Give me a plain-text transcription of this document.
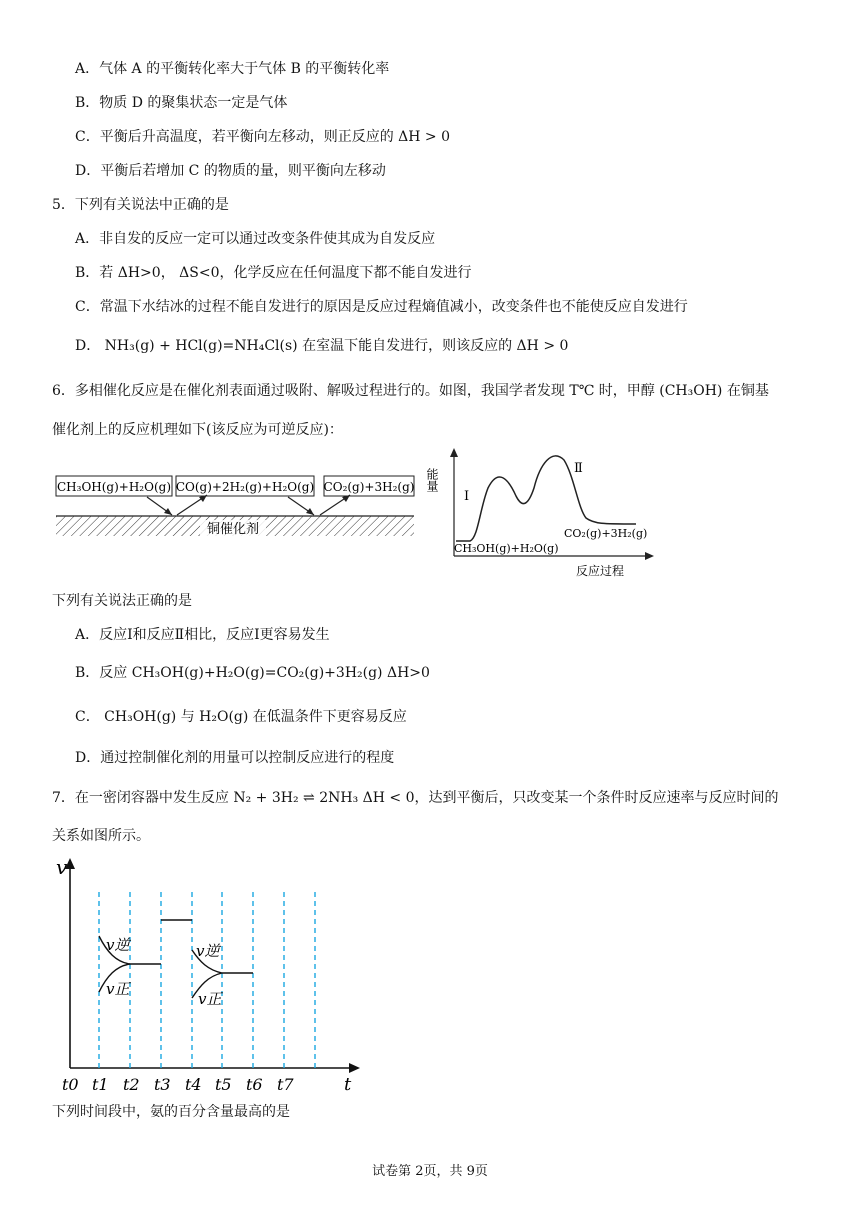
A．气体 A 的平衡转化率大于气体 B 的平衡转化率
B．物质 D 的聚集状态一定是气体
C．平衡后升高温度，若平衡向左移动，则正反应的 ΔH > 0
D．平衡后若增加 C 的物质的量，则平衡向左移动
5．下列有关说法中正确的是
A．非自发的反应一定可以通过改变条件使其成为自发反应
B．若 ΔH>0， ΔS<0，化学反应在任何温度下都不能自发进行
C．常温下水结冰的过程不能自发进行的原因是反应过程熵值减小，改变条件也不能使反应自发进行
D． NH₃(g) + HCl(g)=NH₄Cl(s) 在室温下能自发进行，则该反应的 ΔH > 0
6．多相催化反应是在催化剂表面通过吸附、解吸过程进行的。如图，我国学者发现 T℃ 时，甲醇 (CH₃OH) 在铜基
催化剂上的反应机理如下(该反应为可逆反应)：
CH₃OH(g)+H₂O(g) CO(g)+2H₂(g)+H₂O(g) CO₂(g)+3H₂(g)
铜催化剂
能量
反应过程
Ⅰ
Ⅱ
CH₃OH(g)+H₂O(g)
CO₂(g)+3H₂(g)
下列有关说法正确的是
A．反应Ⅰ和反应Ⅱ相比，反应Ⅰ更容易发生
B．反应 CH₃OH(g)+H₂O(g)=CO₂(g)+3H₂(g) ΔH>0
C． CH₃OH(g) 与 H₂O(g) 在低温条件下更容易反应
D．通过控制催化剂的用量可以控制反应进行的程度
7．在一密闭容器中发生反应 N₂ + 3H₂ ⇌ 2NH₃ ΔH < 0，达到平衡后，只改变某一个条件时反应速率与反应时间的
关系如图所示。
v
t
v逆
v正
v逆
v正
t0 t1 t2 t3 t4 t5 t6 t7
下列时间段中，氨的百分含量最高的是
试卷第 2页，共 9页
